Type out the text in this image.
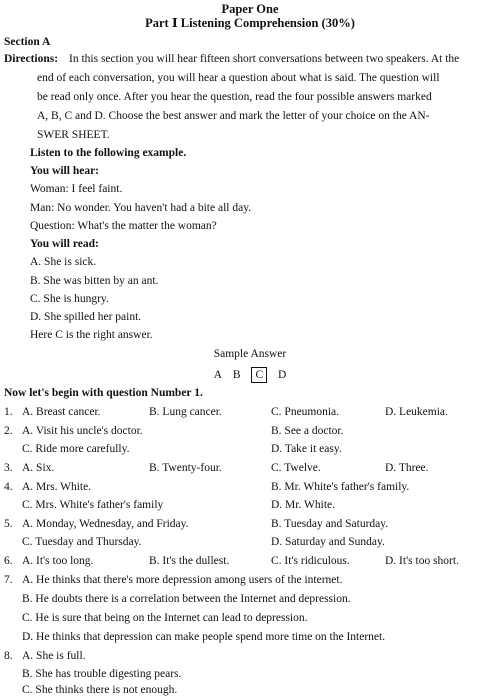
Paper One
Part Ⅰ Listening Comprehension (30%)
Section A
Directions: In this section you will hear fifteen short conversations between two speakers. At the
end of each conversation, you will hear a question about what is said. The question will
be read only once. After you hear the question, read the four possible answers marked
A, B, C and D. Choose the best answer and mark the letter of your choice on the AN-
SWER SHEET.
Listen to the following example.
You will hear:
Woman: I feel faint.
Man: No wonder. You haven't had a bite all day.
Question: What's the matter the woman?
You will read:
A. She is sick.
B. She was bitten by an ant.
C. She is hungry.
D. She spilled her paint.
Here C is the right answer.
Sample Answer
A B C D
Now let's begin with question Number 1.
1. A. Breast cancer.	B. Lung cancer.	C. Pneumonia.	D. Leukemia.
2. A. Visit his uncle's doctor.	B. See a doctor.
C. Ride more carefully.	D. Take it easy.
3. A. Six.	B. Twenty-four.	C. Twelve.	D. Three.
4. A. Mrs. White.	B. Mr. White's father's family.
C. Mrs. White's father's family	D. Mr. White.
5. A. Monday, Wednesday, and Friday.	B. Tuesday and Saturday.
C. Tuesday and Thursday.	D. Saturday and Sunday.
6. A. It's too long.	B. It's the dullest.	C. It's ridiculous.	D. It's too short.
7. A. He thinks that there's more depression among users of the internet.
B. He doubts there is a correlation between the Internet and depression.
C. He is sure that being on the Internet can lead to depression.
D. He thinks that depression can make people spend more time on the Internet.
8. A. She is full.
B. She has trouble digesting pears.
C. She thinks there is not enough.
